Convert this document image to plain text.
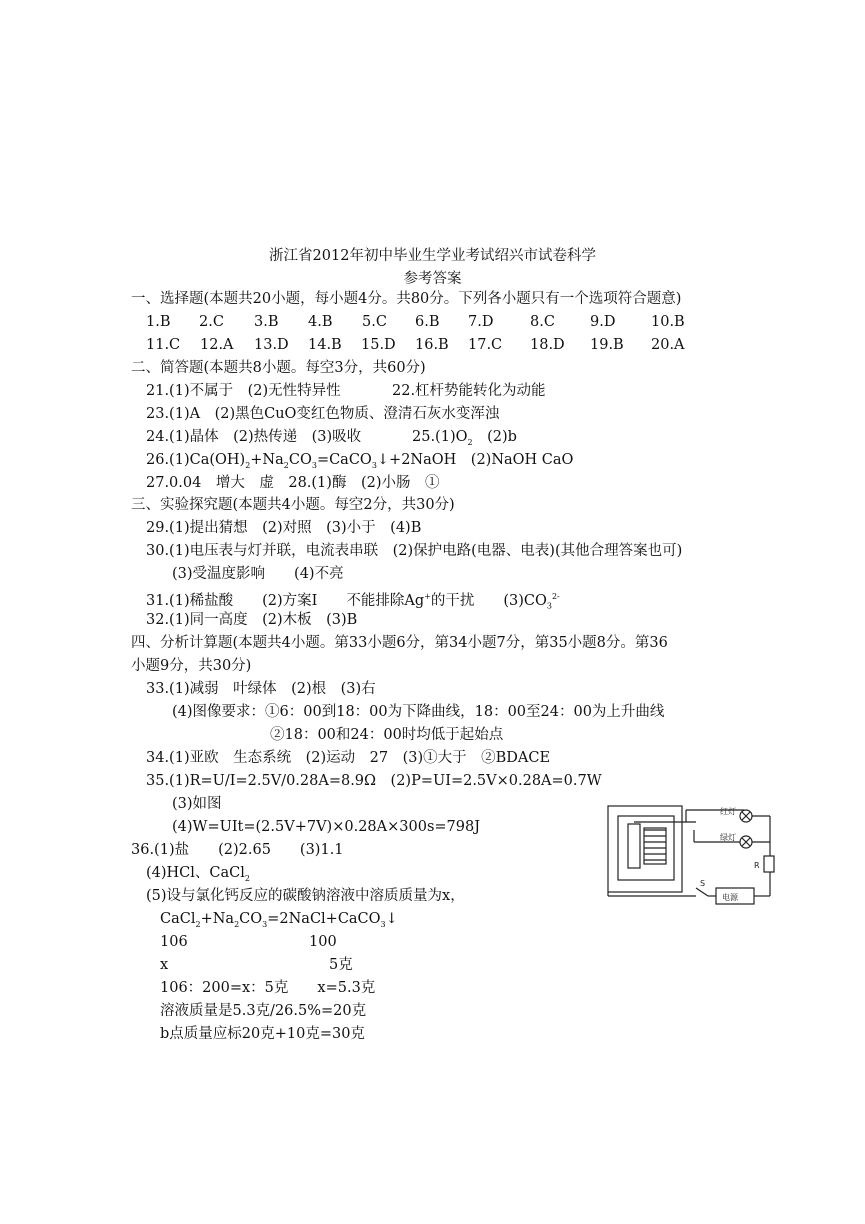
浙江省2012年初中毕业生学业考试绍兴市试卷科学
参考答案
一、选择题(本题共20小题，每小题4分。共80分。下列各小题只有一个选项符合题意)
1.B 2.C 3.B 4.B 5.C 6.B 7.D	8.C 9.D 10.B
11.C 12.A 13.D 14.B 15.D 16.B 17.C 18.D 19.B 20.A
二、简答题(本题共8小题。每空3分，共60分)
21.(1)不属于　(2)无性特异性	22.杠杆势能转化为动能
23.(1)A　(2)黑色CuO变红色物质、澄清石灰水变浑浊
24.(1)晶体　(2)热传递　(3)吸收	$25.(1)O_2$　(2)b
$26.(1)Ca(OH)_2+Na_2CO_3=CaCO_3↓+2NaOH$　(2)NaOH CaO
27.0.04　增大　虚　28.(1)酶　(2)小肠　①
三、实验探究题(本题共4小题。每空2分，共30分)
29.(1)提出猜想　(2)对照　(3)小于　(4)B
30.(1)电压表与灯并联，电流表串联　(2)保护电路(电器、电表)(其他合理答案也可)
(3)受温度影响　　(4)不亮
31.(1)稀盐酸　　(2)方案Ⅰ　　不能排除Ag+的干扰　　$(3)CO_3^{2-}$
32.(1)同一高度　(2)木板　(3)B
四、分析计算题(本题共4小题。第33小题6分，第34小题7分，第35小题8分。第36
小题9分，共30分)
33.(1)减弱　叶绿体　(2)根　(3)右
(4)图像要求：①6：00到18：00为下降曲线，18：00至24：00为上升曲线
②18：00和24：00时均低于起始点
34.(1)亚欧　生态系统　(2)运动　27　(3)①大于　②BDACE
35.(1)R=U/I=2.5V/0.28A=8.9Ω　(2)P=UI=2.5V×0.28A=0.7W
(3)如图
(4)W=UIt=(2.5V+7V)×0.28A×300s=798J
36.(1)盐　　(2)2.65　　(3)1.1
(4)HCl、CaCl$_2$
(5)设与氯化钙反应的碳酸钠溶液中溶质质量为x，
$CaCl_2+Na_2CO_3=2NaCl+CaCO_3↓$
106	100
x	5克
106：200=x：5克　　x=5.3克
溶液质量是5.3克/26.5%=20克
b点质量应标20克+10克=30克
红灯
绿灯
R
S
电源
